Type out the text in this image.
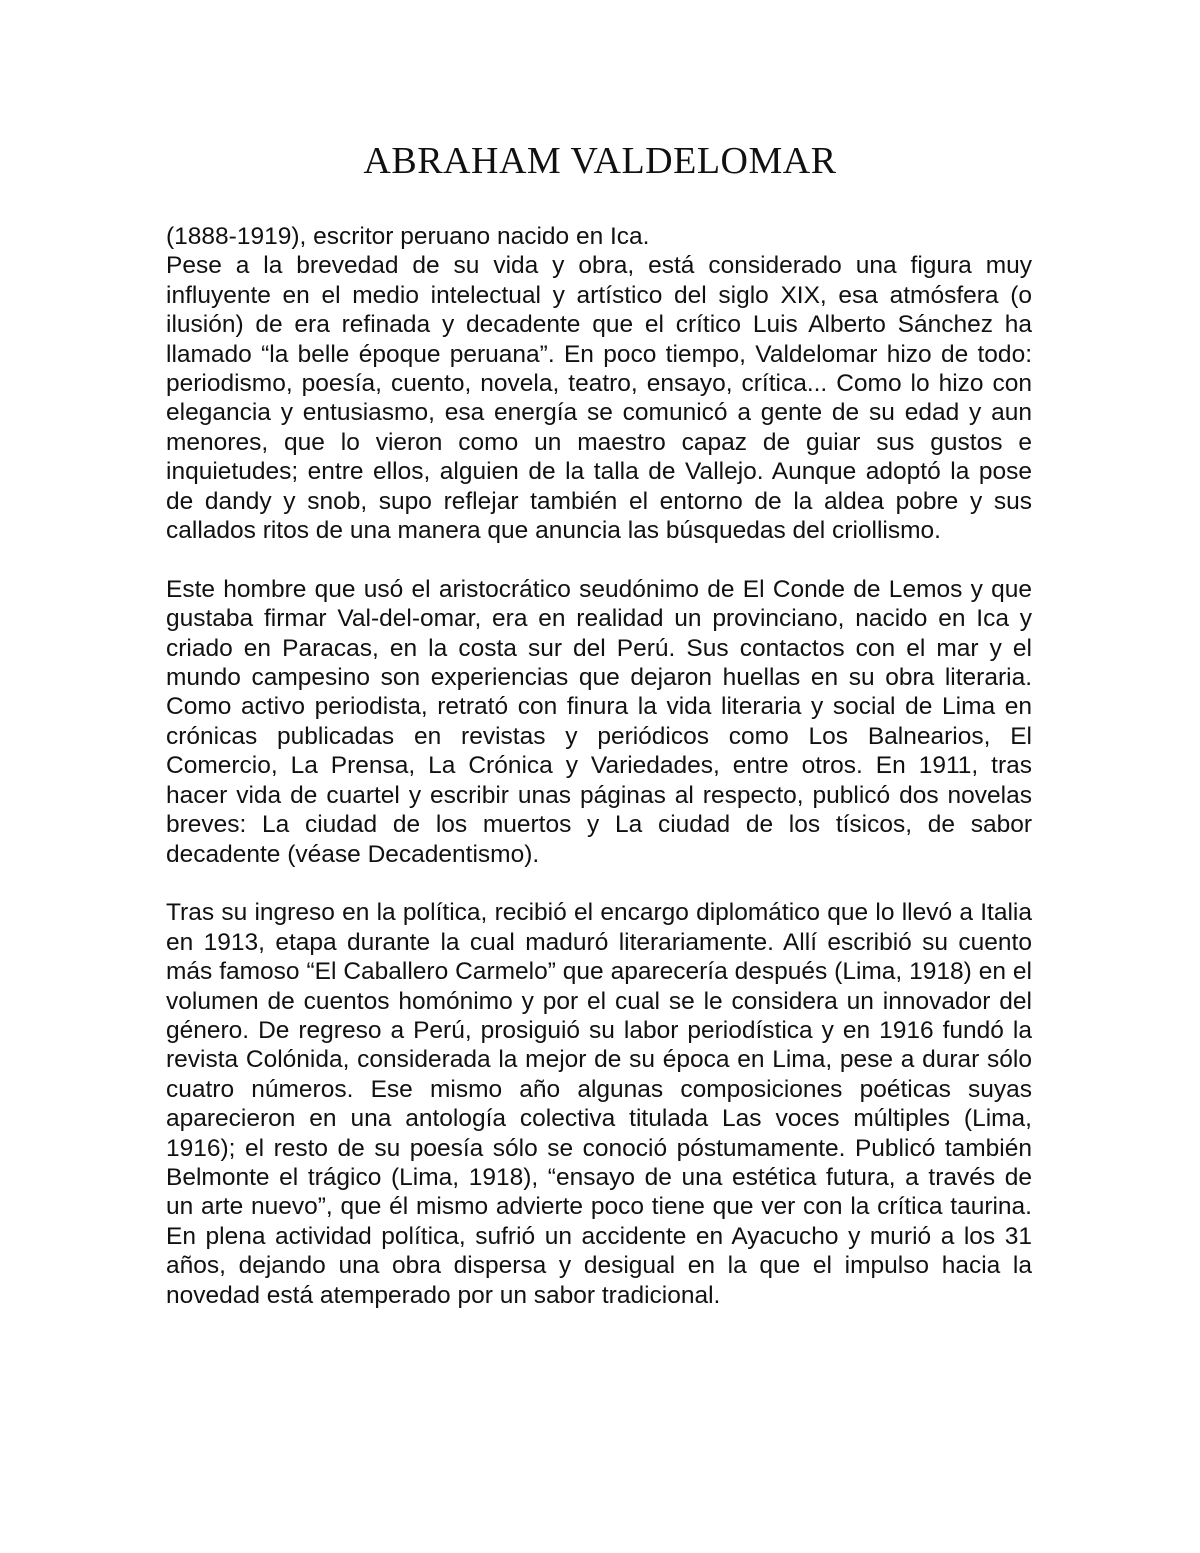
ABRAHAM VALDELOMAR

(1888-1919), escritor peruano nacido en Ica.

Pese a la brevedad de su vida y obra, está considerado una figura muy influyente en el medio intelectual y artístico del siglo XIX, esa atmósfera (o ilusión) de era refinada y decadente que el crítico Luis Alberto Sánchez ha llamado “la belle époque peruana”. En poco tiempo, Valdelomar hizo de todo: periodismo, poesía, cuento, novela, teatro, ensayo, crítica... Como lo hizo con elegancia y entusiasmo, esa energía se comunicó a gente de su edad y aun menores, que lo vieron como un maestro capaz de guiar sus gustos e inquietudes; entre ellos, alguien de la talla de Vallejo. Aunque adoptó la pose de dandy y snob, supo reflejar también el entorno de la aldea pobre y sus callados ritos de una manera que anuncia las búsquedas del criollismo.

Este hombre que usó el aristocrático seudónimo de El Conde de Lemos y que gustaba firmar Val-del-omar, era en realidad un provinciano, nacido en Ica y criado en Paracas, en la costa sur del Perú. Sus contactos con el mar y el mundo campesino son experiencias que dejaron huellas en su obra literaria. Como activo periodista, retrató con finura la vida literaria y social de Lima en crónicas publicadas en revistas y periódicos como Los Balnearios, El Comercio, La Prensa, La Crónica y Variedades, entre otros. En 1911, tras hacer vida de cuartel y escribir unas páginas al respecto, publicó dos novelas breves: La ciudad de los muertos y La ciudad de los tísicos, de sabor decadente (véase Decadentismo).

Tras su ingreso en la política, recibió el encargo diplomático que lo llevó a Italia en 1913, etapa durante la cual maduró literariamente. Allí escribió su cuento más famoso “El Caballero Carmelo” que aparecería después (Lima, 1918) en el volumen de cuentos homónimo y por el cual se le considera un innovador del género. De regreso a Perú, prosiguió su labor periodística y en 1916 fundó la revista Colónida, considerada la mejor de su época en Lima, pese a durar sólo cuatro números. Ese mismo año algunas composiciones poéticas suyas aparecieron en una antología colectiva titulada Las voces múltiples (Lima, 1916); el resto de su poesía sólo se conoció póstumamente. Publicó también Belmonte el trágico (Lima, 1918), “ensayo de una estética futura, a través de un arte nuevo”, que él mismo advierte poco tiene que ver con la crítica taurina. En plena actividad política, sufrió un accidente en Ayacucho y murió a los 31 años, dejando una obra dispersa y desigual en la que el impulso hacia la novedad está atemperado por un sabor tradicional.
